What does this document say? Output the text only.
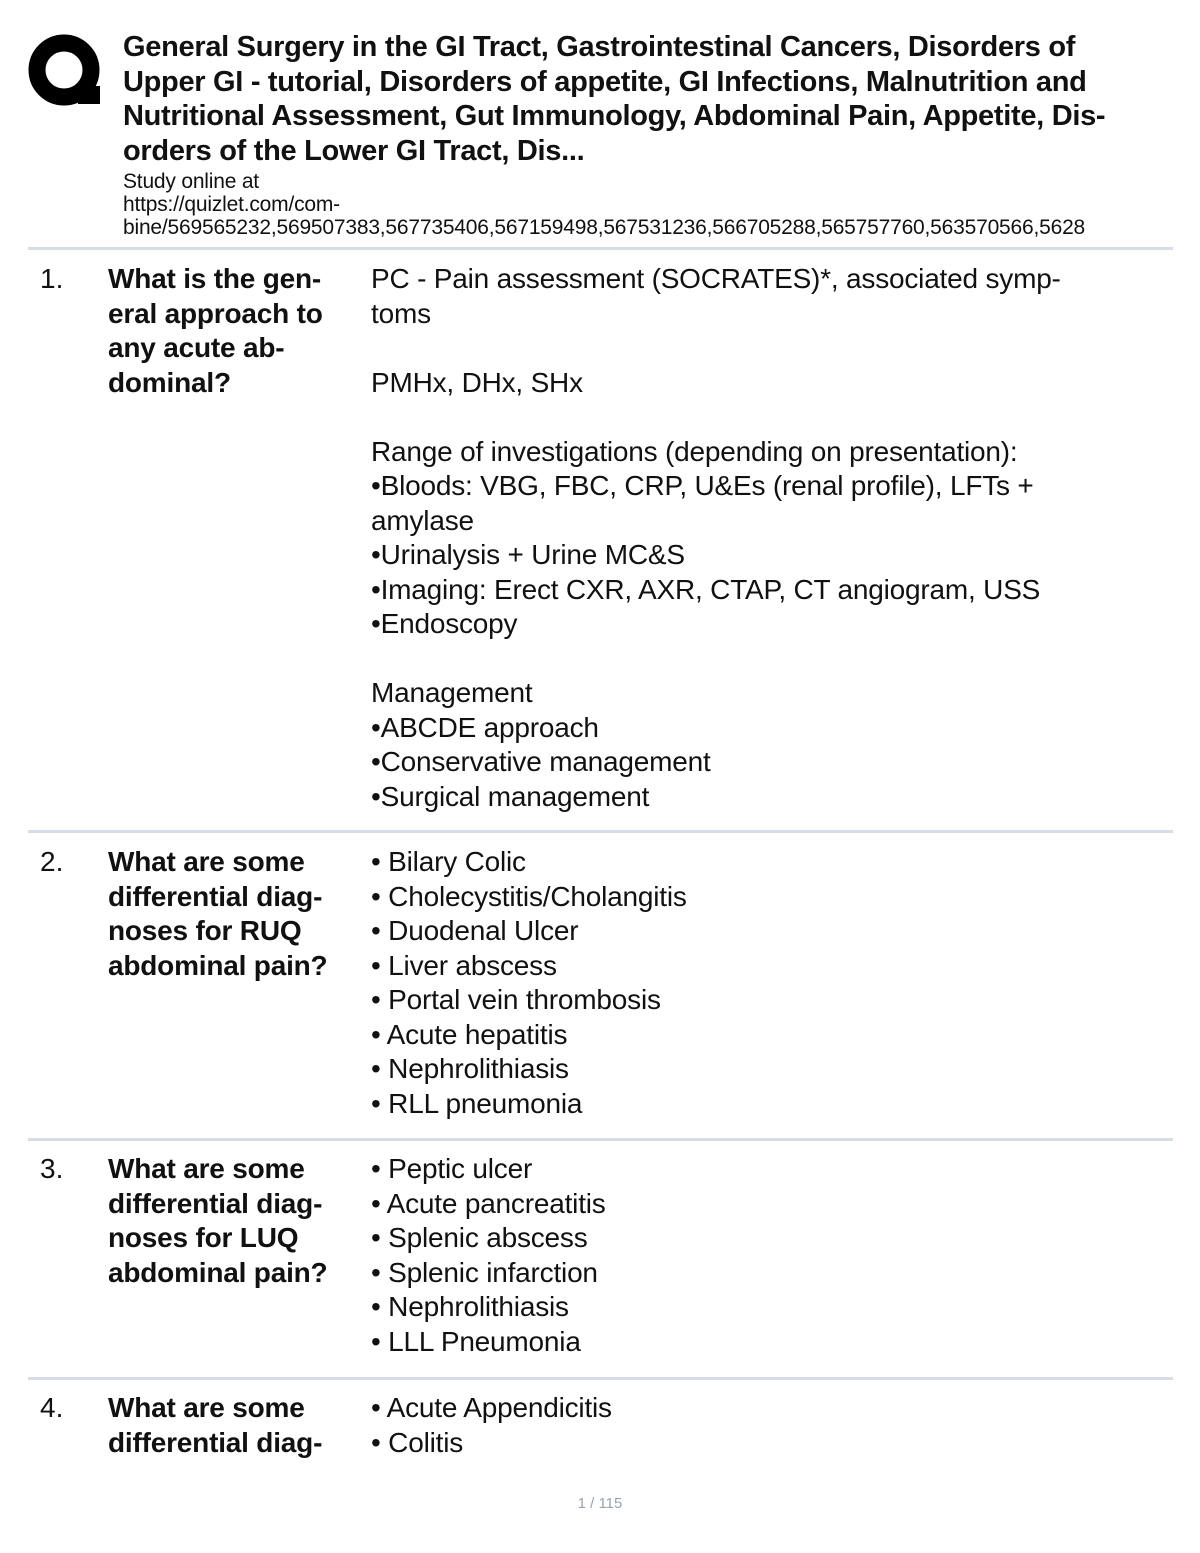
General Surgery in the GI Tract, Gastrointestinal Cancers, Disorders of
Upper GI - tutorial, Disorders of appetite, GI Infections, Malnutrition and
Nutritional Assessment, Gut Immunology, Abdominal Pain, Appetite, Dis-
orders of the Lower GI Tract, Dis...
Study online at
https://quizlet.com/com-
bine/569565232,569507383,567735406,567159498,567531236,566705288,565757760,563570566,5628
1. What is the gen-
eral approach to
any acute ab-
dominal?
PC - Pain assessment (SOCRATES)*, associated symp-
toms

PMHx, DHx, SHx

Range of investigations (depending on presentation):
•Bloods: VBG, FBC, CRP, U&Es (renal profile), LFTs +
amylase
•Urinalysis + Urine MC&S
•Imaging: Erect CXR, AXR, CTAP, CT angiogram, USS
•Endoscopy

Management
•ABCDE approach
•Conservative management
•Surgical management
2. What are some
differential diag-
noses for RUQ
abdominal pain?
• Bilary Colic
• Cholecystitis/Cholangitis
• Duodenal Ulcer
• Liver abscess
• Portal vein thrombosis
• Acute hepatitis
• Nephrolithiasis
• RLL pneumonia
3. What are some
differential diag-
noses for LUQ
abdominal pain?
• Peptic ulcer
• Acute pancreatitis
• Splenic abscess
• Splenic infarction
• Nephrolithiasis
• LLL Pneumonia
4. What are some
differential diag-
• Acute Appendicitis
• Colitis
1 / 115
